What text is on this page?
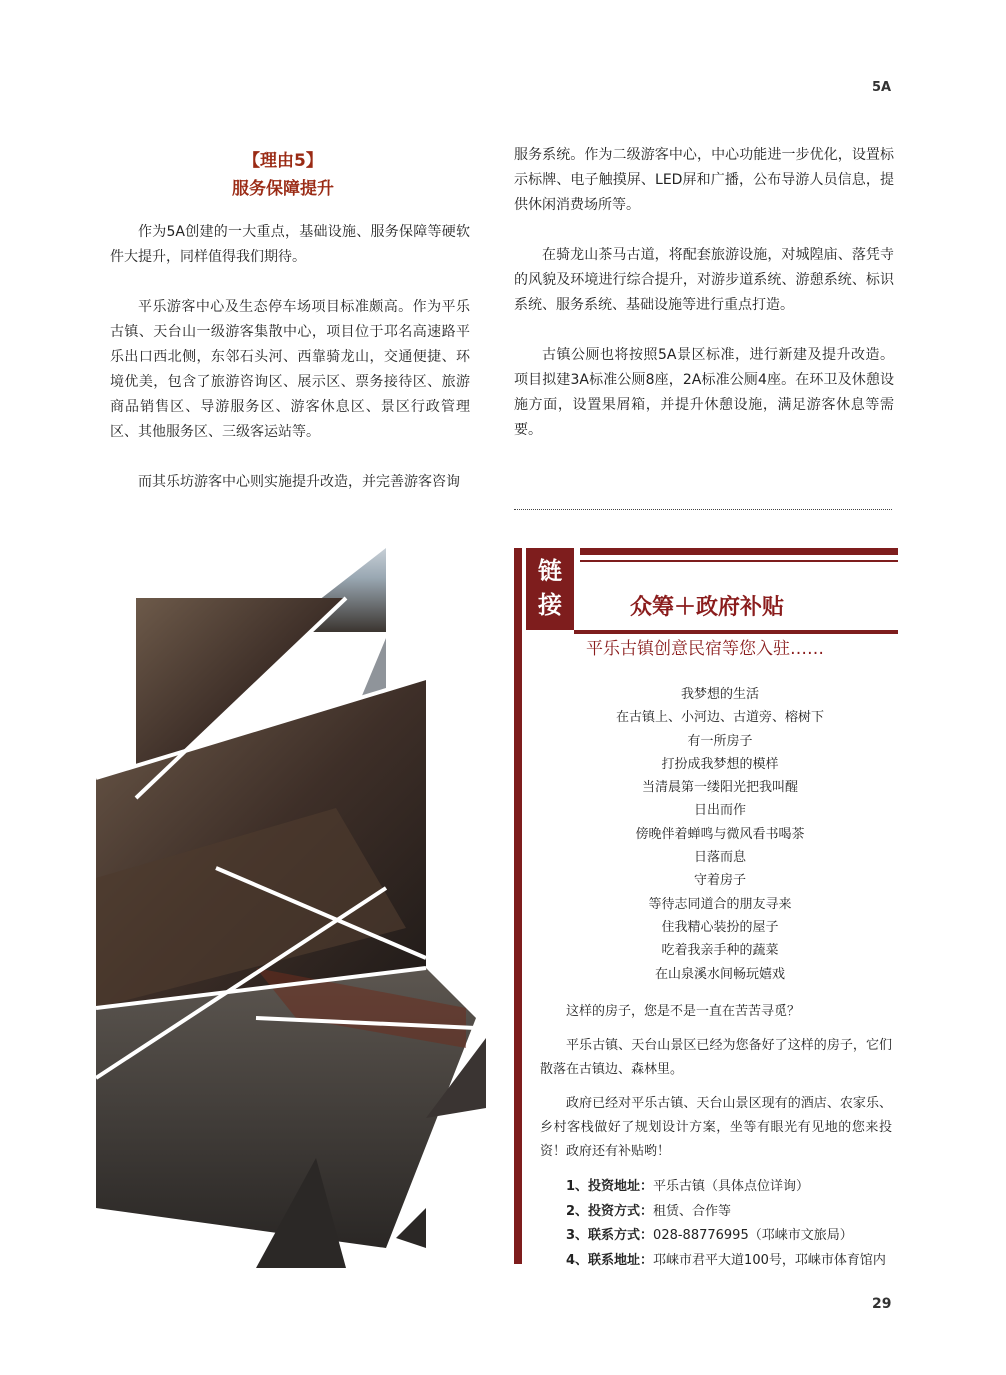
5A
【理由5】
服务保障提升

作为5A创建的一大重点，基础设施、服务保障等硬软件大提升，同样值得我们期待。

平乐游客中心及生态停车场项目标准颇高。作为平乐古镇、天台山一级游客集散中心，项目位于邛名高速路平乐出口西北侧，东邻石头河、西靠骑龙山，交通便捷、环境优美，包含了旅游咨询区、展示区、票务接待区、旅游商品销售区、导游服务区、游客休息区、景区行政管理区、其他服务区、三级客运站等。

而其乐坊游客中心则实施提升改造，并完善游客咨询

服务系统。作为二级游客中心，中心功能进一步优化，设置标示标牌、电子触摸屏、LED屏和广播，公布导游人员信息，提供休闲消费场所等。

在骑龙山茶马古道，将配套旅游设施，对城隍庙、落凭寺的风貌及环境进行综合提升，对游步道系统、游憩系统、标识系统、服务系统、基础设施等进行重点打造。

古镇公厕也将按照5A景区标准，进行新建及提升改造。项目拟建3A标准公厕8座，2A标准公厕4座。在环卫及休憩设施方面，设置果屑箱，并提升休憩设施，满足游客休息等需要。

链
接	众筹＋政府补贴
平乐古镇创意民宿等您入驻……
我梦想的生活
在古镇上、小河边、古道旁、榕树下
有一所房子
打扮成我梦想的模样
当清晨第一缕阳光把我叫醒
日出而作
傍晚伴着蝉鸣与微风看书喝茶
日落而息
守着房子
等待志同道合的朋友寻来
住我精心装扮的屋子
吃着我亲手种的蔬菜
在山泉溪水间畅玩嬉戏

这样的房子，您是不是一直在苦苦寻觅？

平乐古镇、天台山景区已经为您备好了这样的房子，它们散落在古镇边、森林里。

政府已经对平乐古镇、天台山景区现有的酒店、农家乐、乡村客栈做好了规划设计方案，坐等有眼光有见地的您来投资！政府还有补贴哟！

1、投资地址：平乐古镇（具体点位详询）
2、投资方式：租赁、合作等
3、联系方式：028-88776995（邛崃市文旅局）
4、联系地址：邛崃市君平大道100号，邛崃市体育馆内
29
